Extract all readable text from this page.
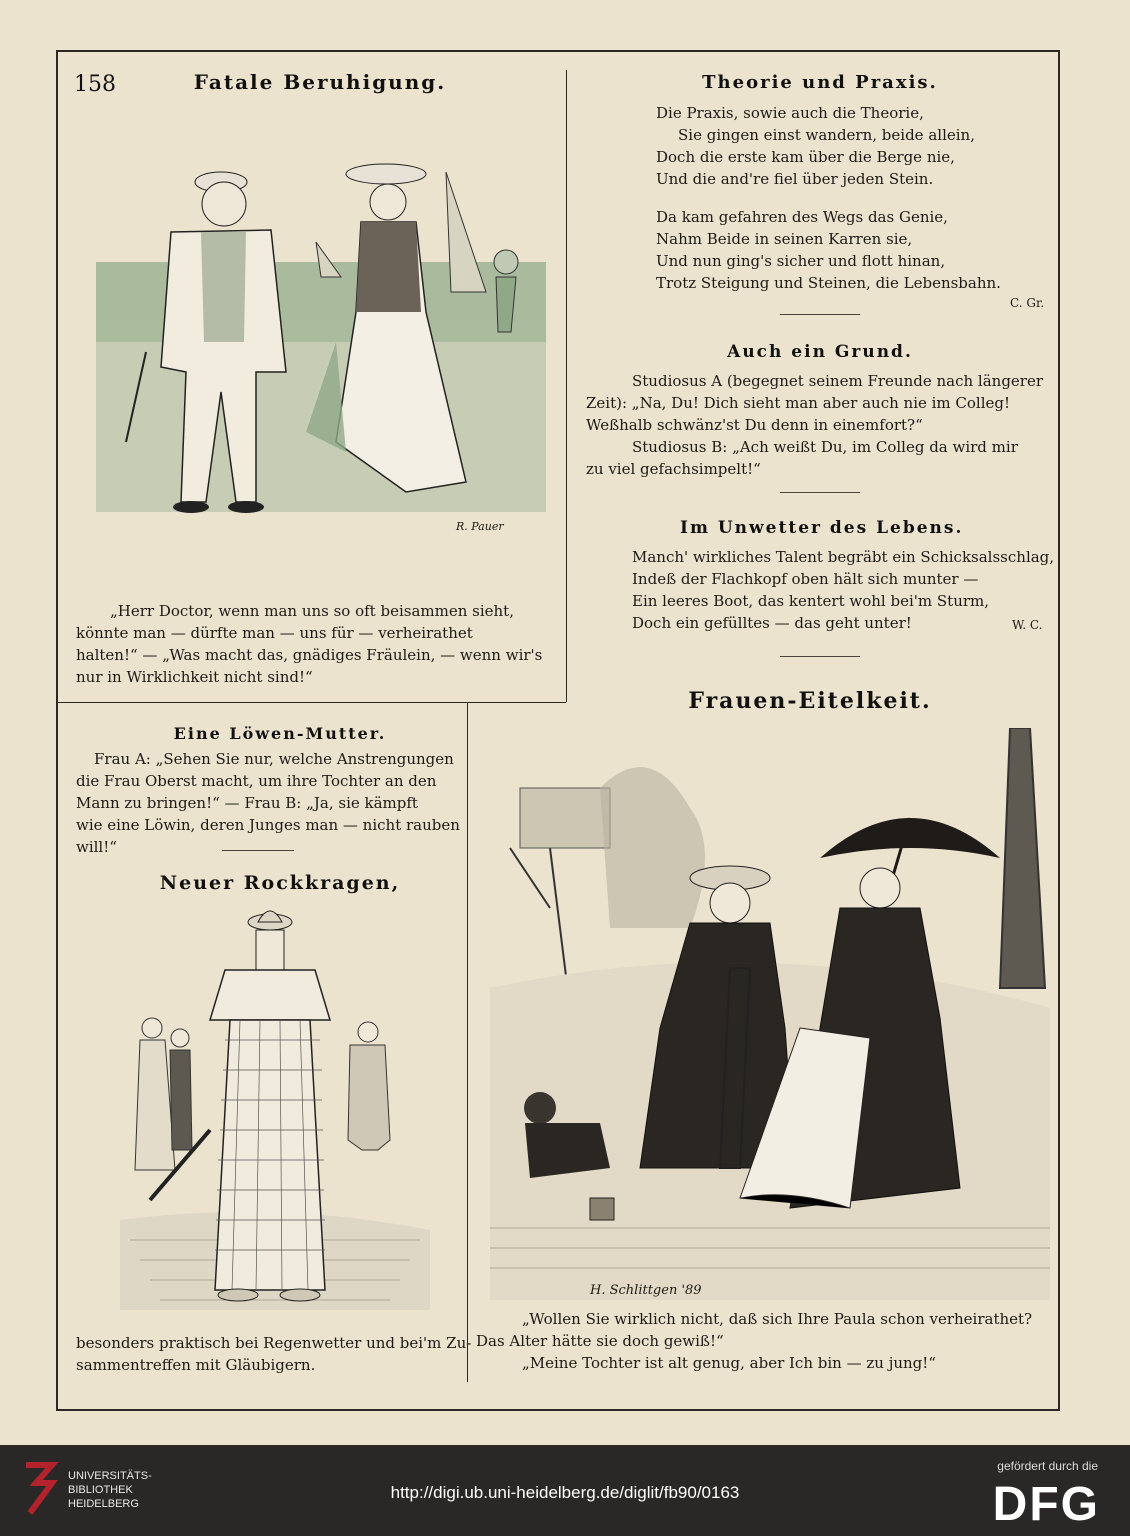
158	Fatale Beruhigung.
R. Pauer
„Herr Doctor, wenn man uns so oft beisammen sieht,
könnte man — dürfte man — uns für — verheirathet
halten!“ — „Was macht das, gnädiges Fräulein, — wenn wir's
nur in Wirklichkeit nicht sind!“
Theorie und Praxis.
Die Praxis, sowie auch die Theorie,
Sie gingen einst wandern, beide allein,
Doch die erste kam über die Berge nie,
Und die and're fiel über jeden Stein.
Da kam gefahren des Wegs das Genie,
Nahm Beide in seinen Karren sie,
Und nun ging's sicher und flott hinan,
Trotz Steigung und Steinen, die Lebensbahn.
C. Gr.
Auch ein Grund.
Studiosus A (begegnet seinem Freunde nach längerer
Zeit): „Na, Du! Dich sieht man aber auch nie im Colleg!
Weßhalb schwänz'st Du denn in einemfort?“
Studiosus B: „Ach weißt Du, im Colleg da wird mir
zu viel gefachsimpelt!“
Im Unwetter des Lebens.
Manch' wirkliches Talent begräbt ein Schicksalsschlag,
Indeß der Flachkopf oben hält sich munter —
Ein leeres Boot, das kentert wohl bei'm Sturm,
Doch ein gefülltes — das geht unter!	W. C.
Eine Löwen-Mutter.
Frau A: „Sehen Sie nur, welche Anstrengungen
die Frau Oberst macht, um ihre Tochter an den
Mann zu bringen!“ — Frau B: „Ja, sie kämpft
wie eine Löwin, deren Junges man — nicht rauben
will!“
Neuer Rockkragen,
besonders praktisch bei Regenwetter und bei'm Zu-
sammentreffen mit Gläubigern.
Frauen-Eitelkeit.
H. Schlittgen '89
„Wollen Sie wirklich nicht, daß sich Ihre Paula schon verheirathet?
Das Alter hätte sie doch gewiß!“
„Meine Tochter ist alt genug, aber Ich bin — zu jung!“
UNIVERSITÄTS-
BIBLIOTHEK
HEIDELBERG
http://digi.ub.uni-heidelberg.de/diglit/fb90/0163
gefördert durch die
DFG
